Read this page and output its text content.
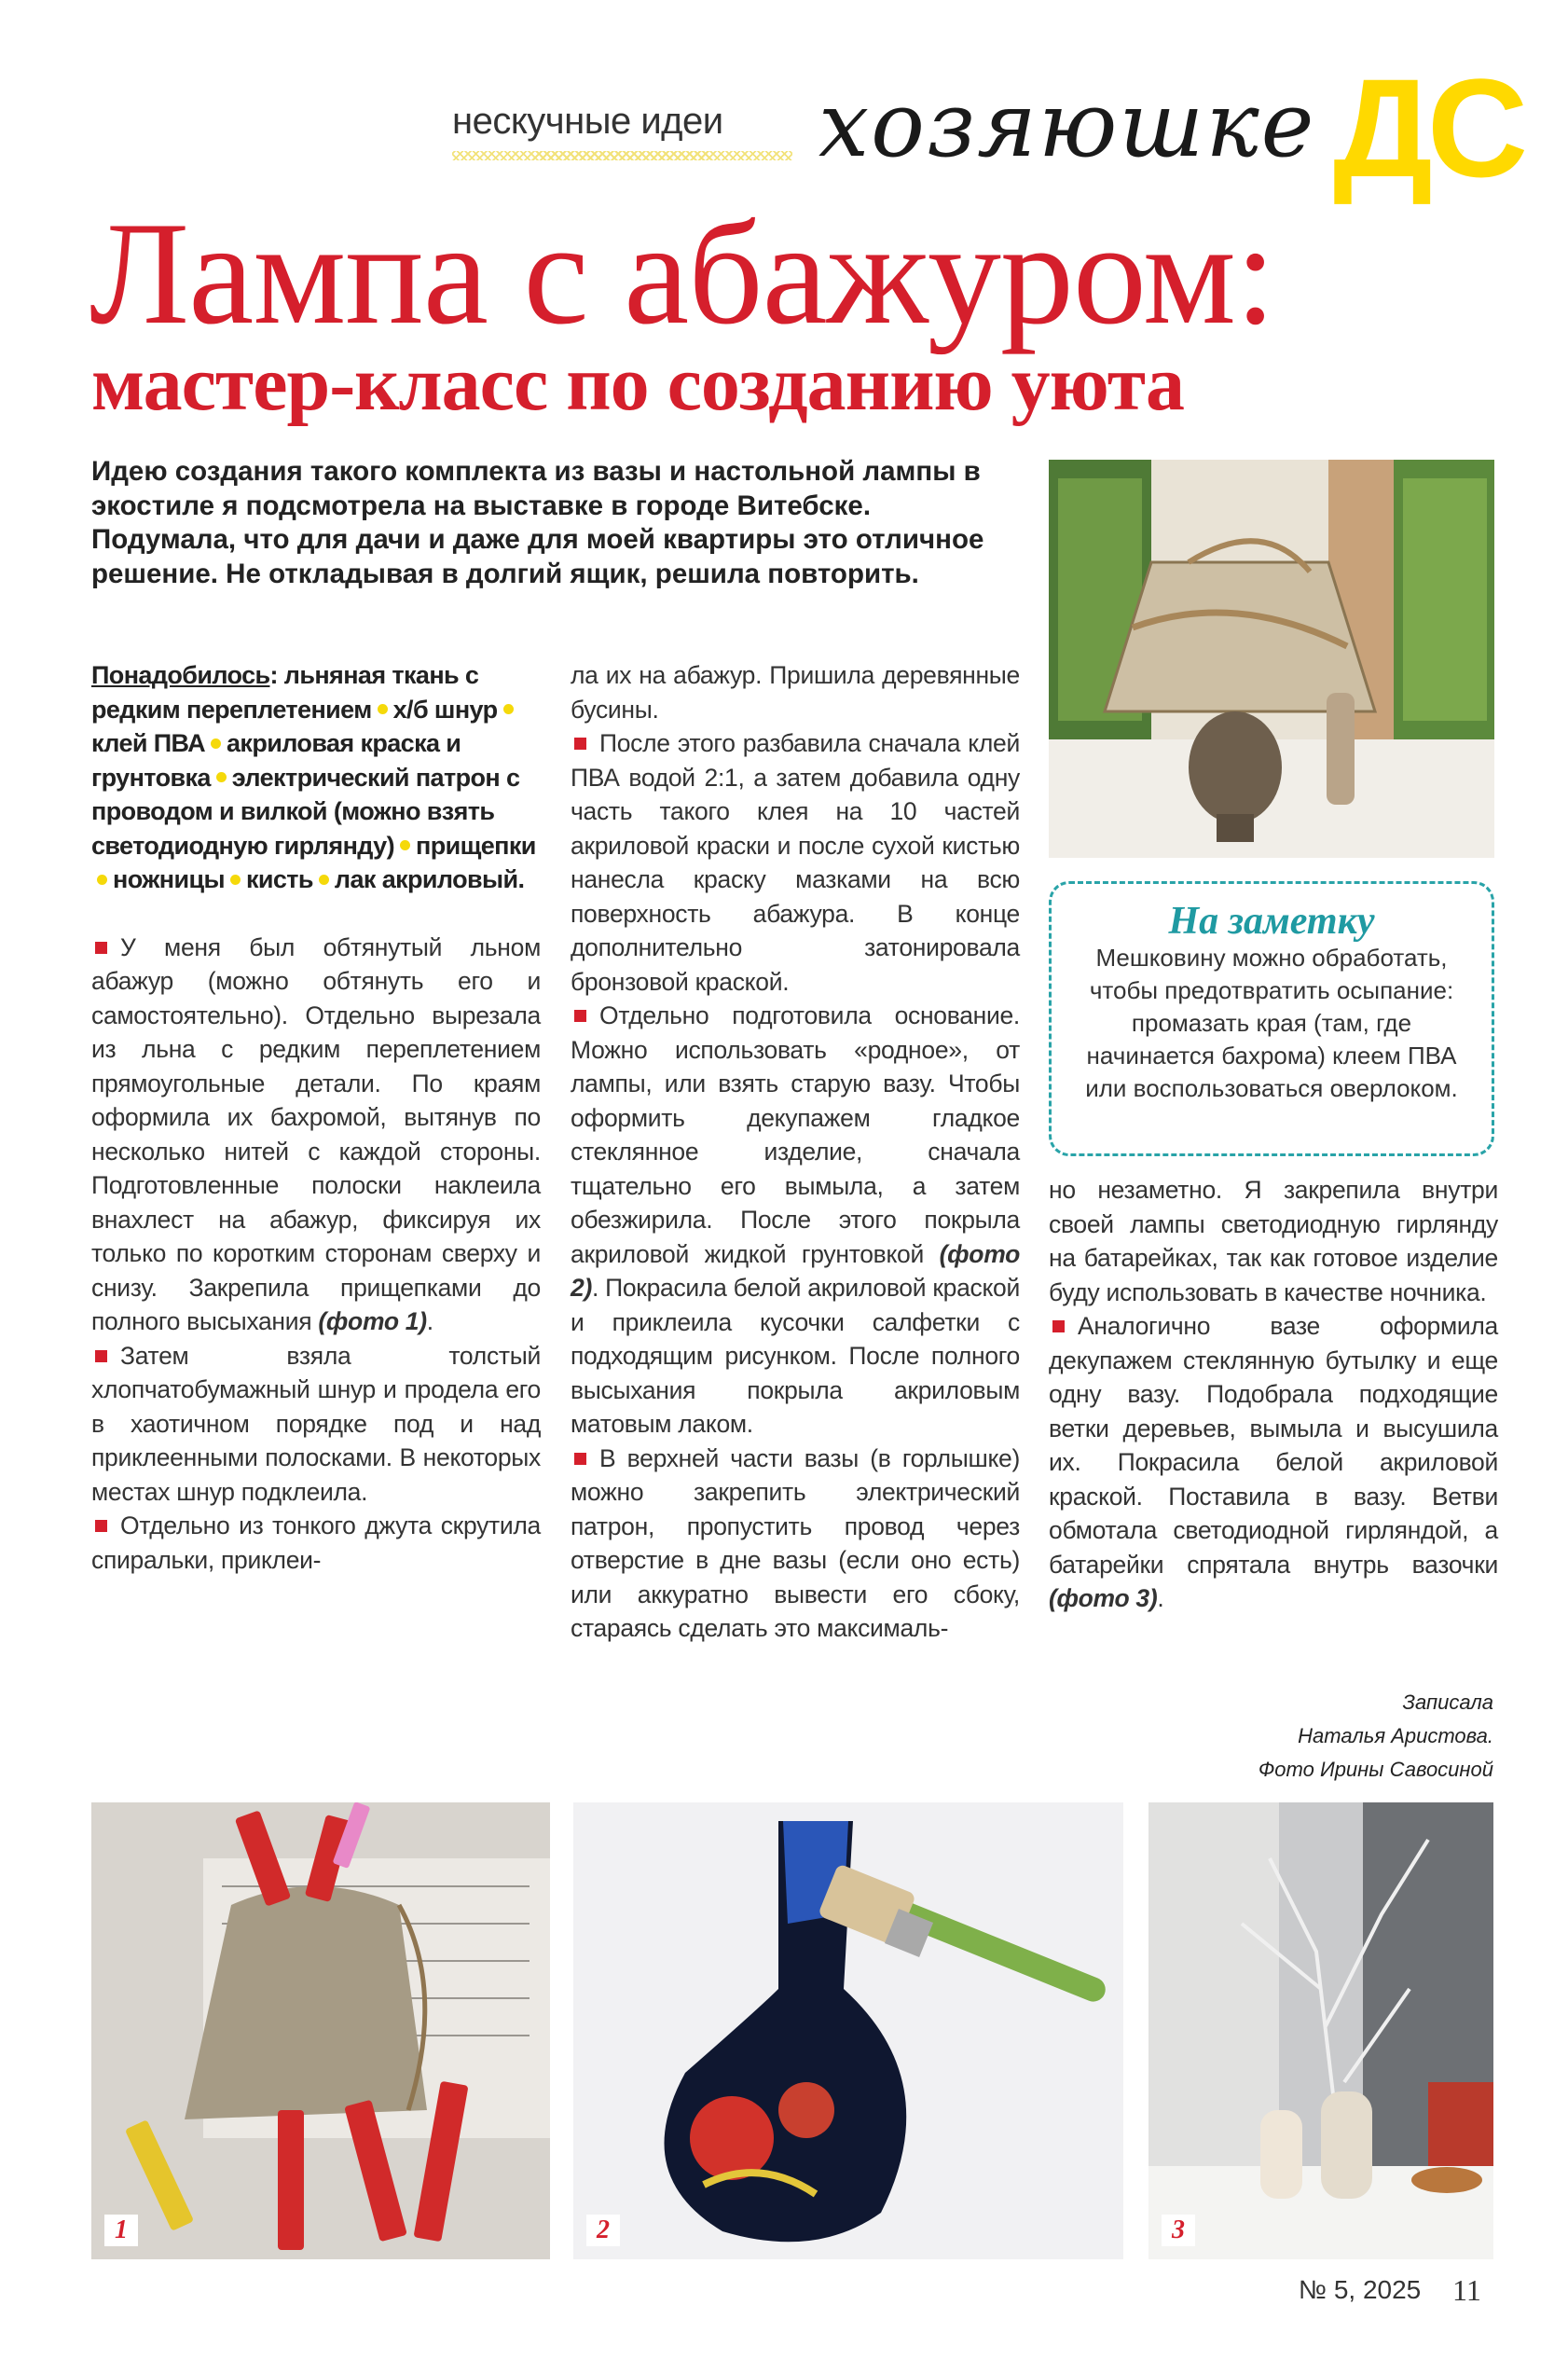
нескучные идеи хозяюшке ДС
Лампа с абажуром:
мастер-класс по созданию уюта
Идею создания такого комплекта из вазы и настольной лампы в экостиле я подсмотрела на выставке в городе Витебске. Подумала, что для дачи и даже для моей квартиры это отличное решение. Не откладывая в долгий ящик, решила повторить.
На заметку
Мешковину можно обработать, чтобы предотвратить осыпание: промазать края (там, где начинается бахрома) клеем ПВА или воспользоваться оверлоком.

Понадобилось: льняная ткань с редким переплетением х/б шнурклей ПВА акриловая краска и грунтовка электрический патрон с проводом и вилкой (можно взять светодиодную гирлянду) прищепкиножницы кисть лак акриловый.

У меня был обтянутый льном абажур (можно обтянуть его и самостоятельно). Отдельно вырезала из льна с редким переплетением прямоугольные детали. По краям оформила их бахромой, вытянув по несколько нитей с каждой стороны. Подготовленные полоски наклеила внахлест на абажур, фиксируя их только по коротким сторонам сверху и снизу. Закрепила прищепками до полного высыхания (фото 1).

Затем взяла толстый хлопчатобумажный шнур и продела его в хаотичном порядке под и над приклеенными полосками. В некоторых местах шнур подклеила.

Отдельно из тонкого джута скрутила спиральки, приклеи-

ла их на абажур. Пришила деревянные бусины.

После этого разбавила сначала клей ПВА водой 2:1, а затем добавила одну часть такого клея на 10 частей акриловой краски и после сухой кистью нанесла краску мазками на всю поверхность абажура. В конце дополнительно затонировала бронзовой краской.

Отдельно подготовила основание. Можно использовать «родное», от лампы, или взять старую вазу. Чтобы оформить декупажем гладкое стеклянное изделие, сначала тщательно его вымыла, а затем обезжирила. После этого покрыла акриловой жидкой грунтовкой (фото 2). Покрасила белой акриловой краской и приклеила кусочки салфетки с подходящим рисунком. После полного высыхания покрыла акриловым матовым лаком.

В верхней части вазы (в горлышке) можно закрепить электрический патрон, пропустить провод через отверстие в дне вазы (если оно есть) или аккуратно вывести его сбоку, стараясь сделать это максималь-

но незаметно. Я закрепила внутри своей лампы светодиодную гирлянду на батарейках, так как готовое изделие буду использовать в качестве ночника.

Аналогично вазе оформила декупажем стеклянную бутылку и еще одну вазу. Подобрала подходящие ветки деревьев, вымыла и высушила их. Покрасила белой акриловой краской. Поставила в вазу. Ветви обмотала светодиодной гирляндой, а батарейки спрятала внутрь вазочки (фото 3).

Записала
Наталья Аристова.
Фото Ирины Савосиной
1	2	3
№ 5, 2025 11
